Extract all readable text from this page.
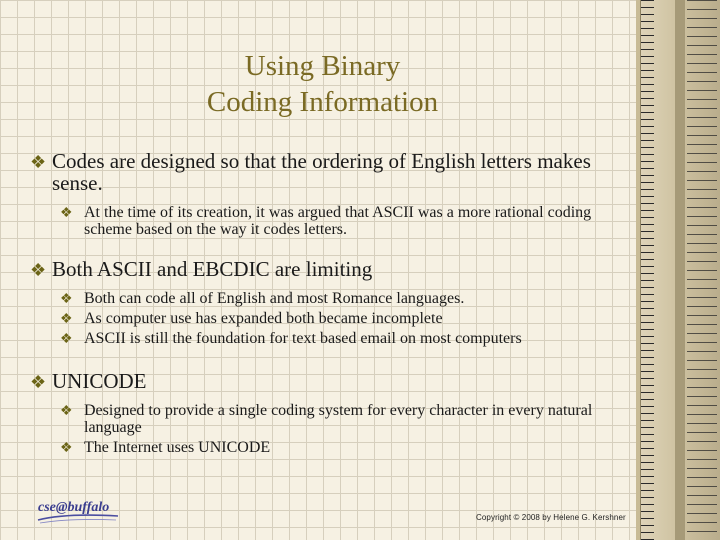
Using Binary
Coding Information
❖ Codes are designed so that the ordering of English letters makes sense.
❖ At the time of its creation, it was argued that ASCII was a more rational coding scheme based on the way it codes letters.
❖ Both ASCII and EBCDIC are limiting
❖ Both can code all of English and most Romance languages.
❖ As computer use has expanded both became incomplete
❖ ASCII is still the foundation for text based email on most computers
❖ UNICODE
❖ Designed to provide a single coding system for every character in every natural language
❖ The Internet uses UNICODE
cse@buffalo
Copyright © 2008 by Helene G. Kershner
